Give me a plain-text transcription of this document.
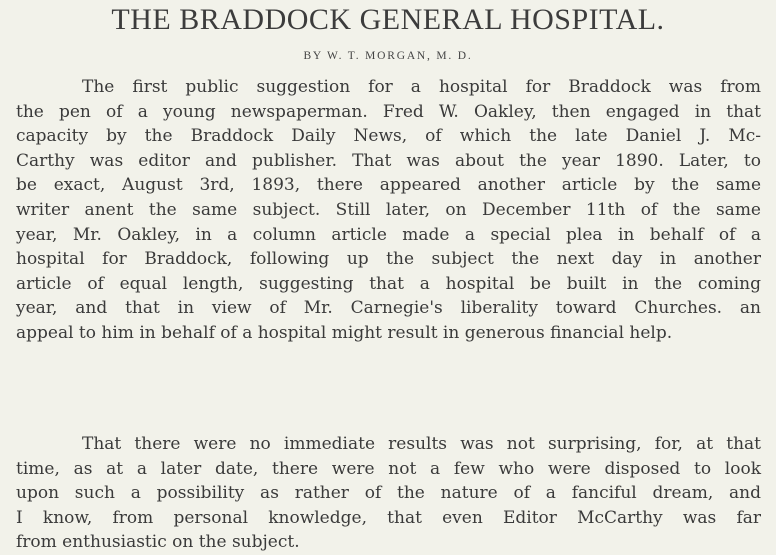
THE BRADDOCK GENERAL HOSPITAL.
BY W. T. MORGAN, M. D.
The first public suggestion for a hospital for Braddock was from
the pen of a young newspaperman. Fred W. Oakley, then engaged in that
capacity by the Braddock Daily News, of which the late Daniel J. Mc-
Carthy was editor and publisher. That was about the year 1890. Later, to
be exact, August 3rd, 1893, there appeared another article by the same
writer anent the same subject. Still later, on December 11th of the same
year, Mr. Oakley, in a column article made a special plea in behalf of a
hospital for Braddock, following up the subject the next day in another
article of equal length, suggesting that a hospital be built in the coming
year, and that in view of Mr. Carnegie's liberality toward Churches. an
appeal to him in behalf of a hospital might result in generous financial help.
That there were no immediate results was not surprising, for, at that
time, as at a later date, there were not a few who were disposed to look
upon such a possibility as rather of the nature of a fanciful dream, and
I know, from personal knowledge, that even Editor McCarthy was far
from enthusiastic on the subject.
